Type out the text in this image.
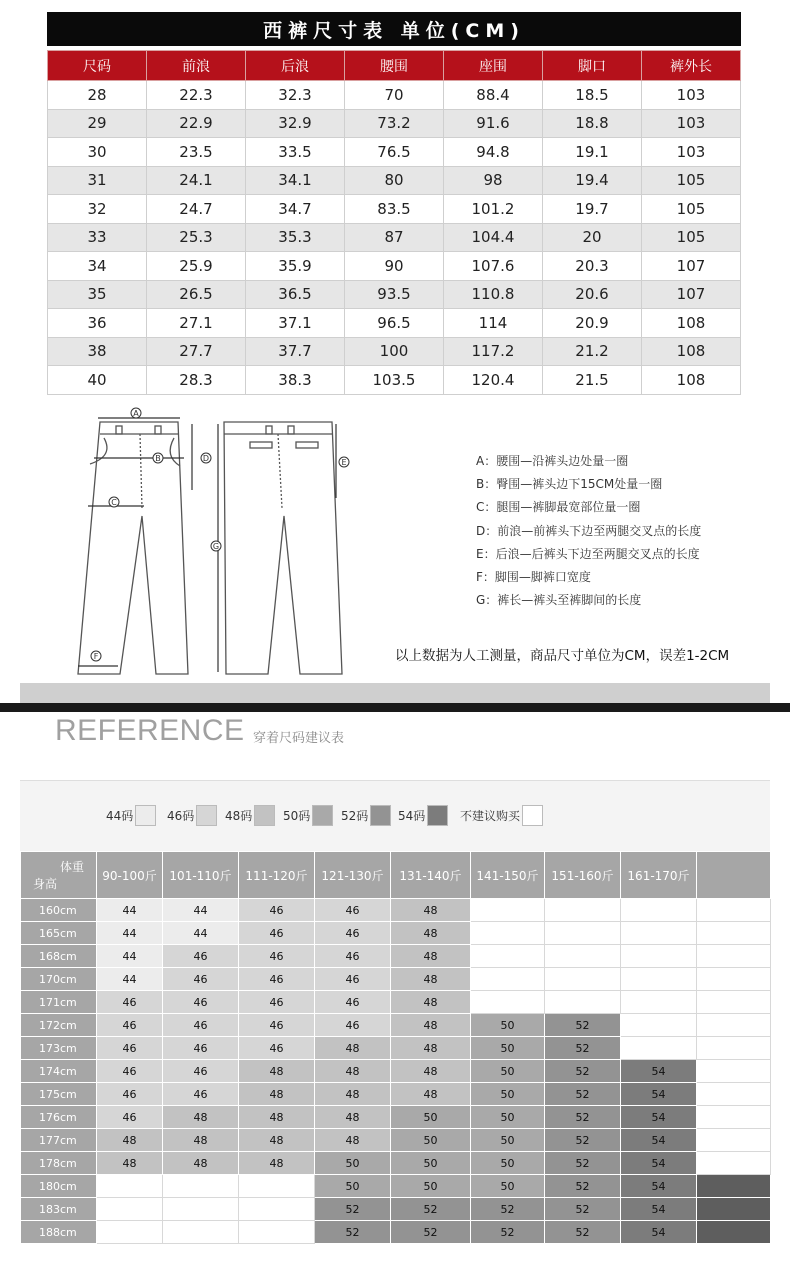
西裤尺寸表 单位(CM)
尺码	前浪	后浪	腰围	座围	脚口	裤外长
28	22.3	32.3	70	88.4	18.5	103
29	22.9	32.9	73.2	91.6	18.8	103
30	23.5	33.5	76.5	94.8	19.1	103
31	24.1	34.1	80	98	19.4	105
32	24.7	34.7	83.5	101.2	19.7	105
33	25.3	35.3	87	104.4	20	105
34	25.9	35.9	90	107.6	20.3	107
35	26.5	36.5	93.5	110.8	20.6	107
36	27.1	37.1	96.5	114	20.9	108
38	27.7	37.7	100	117.2	21.2	108
40	28.3	38.3	103.5	120.4	21.5	108
A
B
C
D	E
F
G
A：腰围—沿裤头边处量一圈
B：臀围—裤头边下15CM处量一圈
C：腿围—裤脚最宽部位量一圈
D：前浪—前裤头下边至两腿交叉点的长度
E：后浪—后裤头下边至两腿交叉点的长度
F：脚围—脚裤口宽度
G：裤长—裤头至裤脚间的长度
以上数据为人工测量，商品尺寸单位为CM，误差1-2CM
REFERENCE 穿着尺码建议表
44码	46码	48码	50码	52码 54码	不建议购买
体重
身高	90-100斤	101-110斤	111-120斤	121-130斤	131-140斤	141-150斤	151-160斤	161-170斤	
160cm	44	44	46	46	48				
165cm	44	44	46	46	48				
168cm	44	46	46	46	48				
170cm	44	46	46	46	48				
171cm	46	46	46	46	48				
172cm	46	46	46	46	48	50	52		
173cm	46	46	46	48	48	50	52		
174cm	46	46	48	48	48	50	52	54	
175cm	46	46	48	48	48	50	52	54	
176cm	46	48	48	48	50	50	52	54	
177cm	48	48	48	48	50	50	52	54	
178cm	48	48	48	50	50	50	52	54	
180cm				50	50	50	52	54	
183cm				52	52	52	52	54	
188cm				52	52	52	52	54	
